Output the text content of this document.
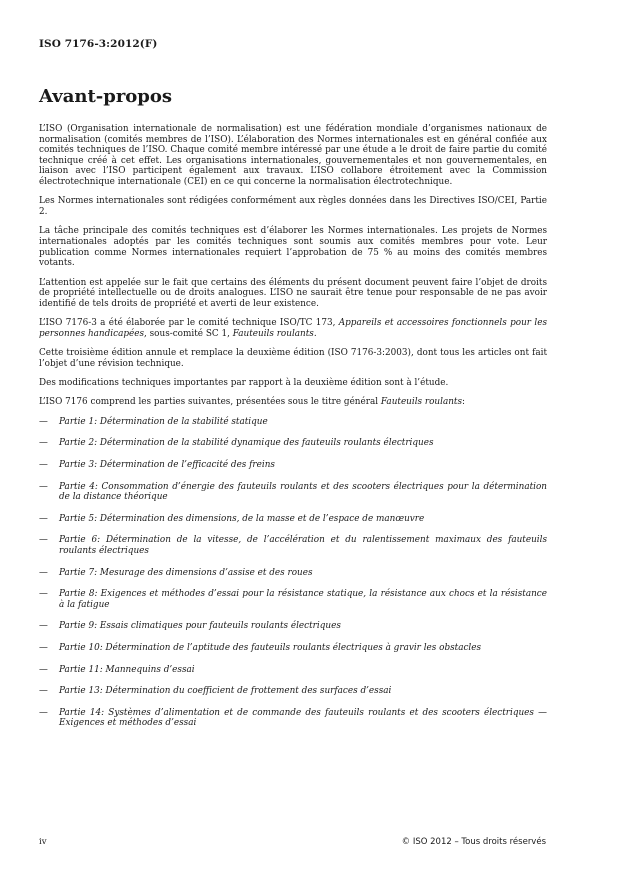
ISO 7176-3:2012(F)
Avant-propos

L’ISO (Organisation internationale de normalisation) est une fédération mondiale d’organismes nationaux de normalisation (comités membres de l’ISO). L’élaboration des Normes internationales est en général confiée aux comités techniques de l’ISO. Chaque comité membre intéressé par une étude a le droit de faire partie du comité technique créé à cet effet. Les organisations internationales, gouvernementales et non gouvernementales, en liaison avec l’ISO participent également aux travaux. L’ISO collabore étroitement avec la Commission électrotechnique internationale (CEI) en ce qui concerne la normalisation électrotechnique.

Les Normes internationales sont rédigées conformément aux règles données dans les Directives ISO/CEI, Partie 2.

La tâche principale des comités techniques est d’élaborer les Normes internationales. Les projets de Normes internationales adoptés par les comités techniques sont soumis aux comités membres pour vote. Leur publication comme Normes internationales requiert l’approbation de 75 % au moins des comités membres votants.

L’attention est appelée sur le fait que certains des éléments du présent document peuvent faire l’objet de droits de propriété intellectuelle ou de droits analogues. L’ISO ne saurait être tenue pour responsable de ne pas avoir identifié de tels droits de propriété et averti de leur existence.

L’ISO 7176-3 a été élaborée par le comité technique ISO/TC 173, Appareils et accessoires fonctionnels pour les personnes handicapées, sous-comité SC 1, Fauteuils roulants.

Cette troisième édition annule et remplace la deuxième édition (ISO 7176-3:2003), dont tous les articles ont fait l’objet d’une révision technique.

Des modifications techniques importantes par rapport à la deuxième édition sont à l’étude.

L’ISO 7176 comprend les parties suivantes, présentées sous le titre général Fauteuils roulants:

—	Partie 1: Détermination de la stabilité statique
—	Partie 2: Détermination de la stabilité dynamique des fauteuils roulants électriques
—	Partie 3: Détermination de l’efficacité des freins
—	Partie 4: Consommation d’énergie des fauteuils roulants et des scooters électriques pour la détermination de la distance théorique
—	Partie 5: Détermination des dimensions, de la masse et de l’espace de manœuvre
—	Partie 6: Détermination de la vitesse, de l’accélération et du ralentissement maximaux des fauteuils roulants électriques
—	Partie 7: Mesurage des dimensions d’assise et des roues
—	Partie 8: Exigences et méthodes d’essai pour la résistance statique, la résistance aux chocs et la résistance à la fatigue
—	Partie 9: Essais climatiques pour fauteuils roulants électriques
—	Partie 10: Détermination de l’aptitude des fauteuils roulants électriques à gravir les obstacles
—	Partie 11: Mannequins d’essai
—	Partie 13: Détermination du coefficient de frottement des surfaces d’essai
—	Partie 14: Systèmes d’alimentation et de commande des fauteuils roulants et des scooters électriques — Exigences et méthodes d’essai
iv	© ISO 2012 – Tous droits réservés
